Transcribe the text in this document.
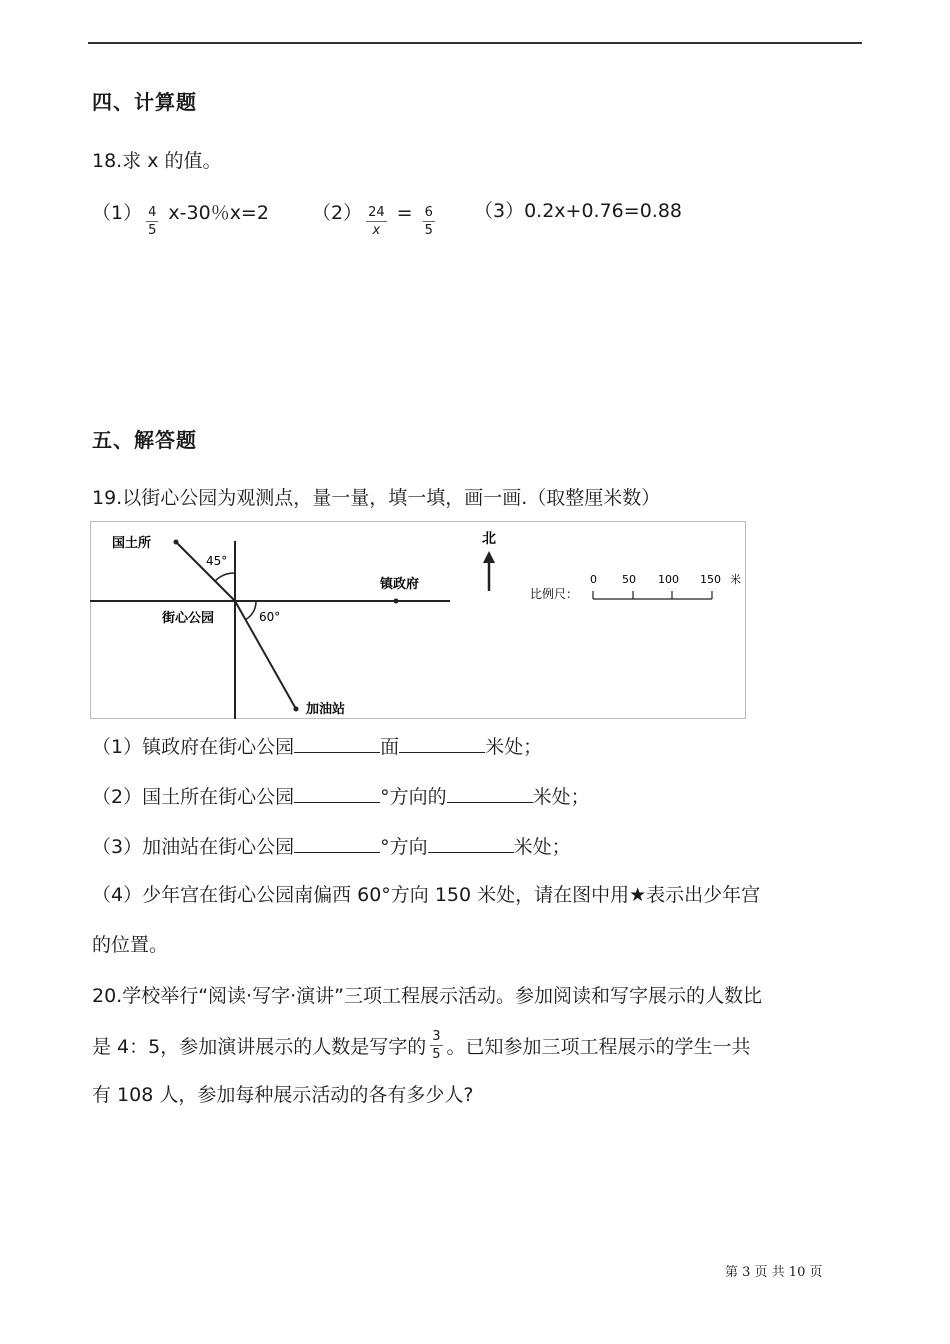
四、计算题
18.求 x 的值。
$(1) \frac{4}{5} x-30$％x=2 $(2) \frac{24}{x} = \frac{6}{5} (3)0.2x+0.76=0.88$
五、解答题
19.以街心公园为观测点，量一量，填一填，画一画.（取整厘米数）
国土所
45°
镇政府
街心公园	60°
加油站
北
比例尺：
0 50 100 150 米
（1）镇政府在街心公园	面	米处；
（2）国土所在街心公园	°方向的	米处；
（3）加油站在街心公园	°方向	米处；
（4）少年宫在街心公园南偏西 60°方向 150 米处，请在图中用★表示出少年宫
的位置。
20.学校举行“阅读·写字·演讲”三项工程展示活动。参加阅读和写字展示的人数比
是 4：5，参加演讲展示的人数是写字的 $\frac{3}{5}$ 。已知参加三项工程展示的学生一共
有 108 人，参加每种展示活动的各有多少人?
第 3 页 共 10 页
